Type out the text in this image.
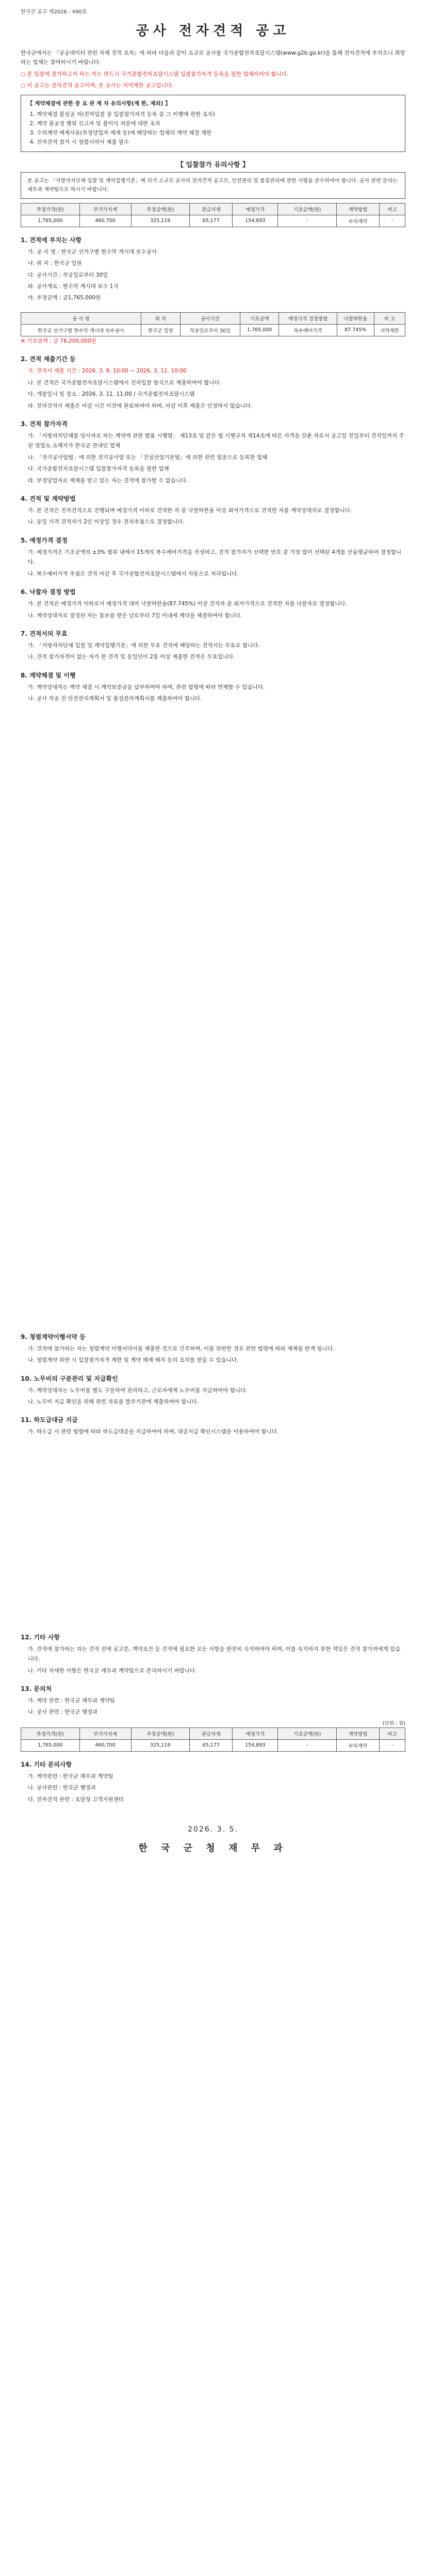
한국군 공고 제2026 - 490호
공사 전자견적 공고

한국군에서는 『공공데이터 관련 자체 견적 조치』에 따라 다음과 같이 소규모 공사를 국가종합전자조달시스템(www.g2b.go.kr)을 통해 전자견적에 부치오니 희망하는 업체는 참여하시기 바랍니다.

○ 본 입찰에 참가하고자 하는 자는 반드시 국가종합전자조달시스템 입찰참가자격 등록을 필한 업체이어야 합니다.

○ 이 공고는 전자견적 공고이며, 본 공사는 지역제한 공고입니다.

【 계약체결에 관한 중 요 관 계 자 유의사항(제 한, 제외) 】
1. 계약체결 불성공 자(전자입찰 중 입찰참가자격 등록 중 그 이행에 관한 조치)
2. 계약 불공정 행위 신고자 및 불이익 처분에 대한 조치
3. 수의계약 배제사유(부정당업자 제재 등)에 해당하는 업체의 계약 체결 제한
4. 전자견적 참가 시 청렴서약서 제출 필수
【 입찰참가 유의사항 】
본 공고는 「지방자치단체 입찰 및 계약집행기준」에 의거 소규모 공사의 전자견적 공고로, 안전관리 및 품질관리에 관한 사항을 준수하여야 합니다. 공사 관련 문의는 재무과 계약팀으로 하시기 바랍니다.
추정가격(원)	부가가치세	추정금액(원)	관급자재	예정가격	기초금액(원)	계약방법	비고
1,765,000	460,700	325,119	65,177	154,893	-	수의계약	-
1. 견적에 부치는 사항

가. 공 사 명 : 한국군 선거구별 현수막 게시대 보수공사

나. 위 치 : 한국군 일원

다. 공사기간 : 착공일로부터 30일

라. 공사개요 : 현수막 게시대 보수 1식

마. 추정금액 : 금1,765,000원

공 사 명	위 치	공사기간	기초금액	예정가격 결정방법	낙찰하한율	비 고
한국군 선거구별 현수막 게시대 보수공사	한국군 일원	착공일로부터 30일	1,765,000	복수예비가격	87.745%	지역제한
※ 기초금액 : 금 76,200,000원
2. 견적 제출기간 등

가. 견적서 제출 기간 : 2026. 3. 9. 10:00 ~ 2026. 3. 11. 10:00

나. 본 견적은 국가종합전자조달시스템에서 전자입찰 방식으로 제출하여야 합니다.

다. 개찰일시 및 장소 : 2026. 3. 11. 11:00 / 국가종합전자조달시스템

라. 전자견적서 제출은 마감 시간 이전에 완료하여야 하며, 마감 이후 제출은 인정하지 않습니다.

3. 견적 참가자격

가. 「지방자치단체를 당사자로 하는 계약에 관한 법률 시행령」 제13조 및 같은 법 시행규칙 제14조에 따른 자격을 갖춘 자로서 공고일 전일부터 견적일까지 주된 영업소 소재지가 한국군 관내인 업체

나. 「전기공사업법」에 의한 전기공사업 또는 「건설산업기본법」에 의한 관련 업종으로 등록한 업체

다. 국가종합전자조달시스템 입찰참가자격 등록을 필한 업체

라. 부정당업자로 제재를 받고 있는 자는 견적에 참가할 수 없습니다.

4. 견적 및 계약방법

가. 본 견적은 전자견적으로 진행되며 예정가격 이하로 견적한 자 중 낙찰하한율 이상 최저가격으로 견적한 자를 계약상대자로 결정합니다.

나. 동일 가격 견적자가 2인 이상일 경우 전자추첨으로 결정합니다.

5. 예정가격 결정

가. 예정가격은 기초금액의 ±3% 범위 내에서 15개의 복수예비가격을 작성하고, 견적 참가자가 선택한 번호 중 가장 많이 선택된 4개를 산술평균하여 결정합니다.

나. 복수예비가격 추첨은 견적 마감 후 국가종합전자조달시스템에서 자동으로 처리됩니다.

6. 낙찰자 결정 방법

가. 본 견적은 예정가격 이하로서 예정가격 대비 낙찰하한율(87.745%) 이상 견적자 중 최저가격으로 견적한 자를 낙찰자로 결정합니다.

나. 계약상대자로 결정된 자는 통보를 받은 날로부터 7일 이내에 계약을 체결하여야 합니다.

7. 견적서의 무효

가. 「지방자치단체 입찰 및 계약집행기준」에 의한 무효 견적에 해당하는 견적서는 무효로 합니다.

나. 견적 참가자격이 없는 자가 한 견적 및 동일인이 2통 이상 제출한 견적은 무효입니다.

8. 계약체결 및 이행

가. 계약상대자는 계약 체결 시 계약보증금을 납부하여야 하며, 관련 법령에 따라 면제할 수 있습니다.

나. 공사 착공 전 안전관리계획서 및 품질관리계획서를 제출하여야 합니다.

9. 청렴계약이행서약 등

가. 견적에 참가하는 자는 청렴계약 이행서약서를 제출한 것으로 간주하며, 이를 위반한 경우 관련 법령에 따라 제재를 받게 됩니다.

나. 청렴계약 위반 시 입찰참가자격 제한 및 계약 해제·해지 등의 조치를 받을 수 있습니다.

10. 노무비의 구분관리 및 지급확인

가. 계약상대자는 노무비를 별도 구분하여 관리하고, 근로자에게 노무비를 지급하여야 합니다.

나. 노무비 지급 확인을 위해 관련 자료를 발주기관에 제출하여야 합니다.

11. 하도급대금 지급

가. 하도급 시 관련 법령에 따라 하도급대금을 지급하여야 하며, 대금지급 확인시스템을 이용하여야 합니다.

12. 기타 사항

가. 견적에 참가하는 자는 견적 전에 공고문, 계약조건 등 견적에 필요한 모든 사항을 완전히 숙지하여야 하며, 이를 숙지하지 못한 책임은 견적 참가자에게 있습니다.

나. 기타 자세한 사항은 한국군 재무과 계약팀으로 문의하시기 바랍니다.

13. 문의처

가. 계약 관련 : 한국군 재무과 계약팀

나. 공사 관련 : 한국군 행정과

(단위 : 원)
추정가격(원)	부가가치세	추정금액(원)	관급자재	예정가격	기초금액(원)	계약방법	비고
1,765,000	460,700	325,119	65,177	154,893	-	수의계약	-
14. 기타 문의사항

가. 계약관련 : 한국군 재무과 계약팀

나. 공사관련 : 한국군 행정과

다. 전자견적 관련 : 조달청 고객지원센터

2026. 3. 5.
한 국 군 청 재 무 과
